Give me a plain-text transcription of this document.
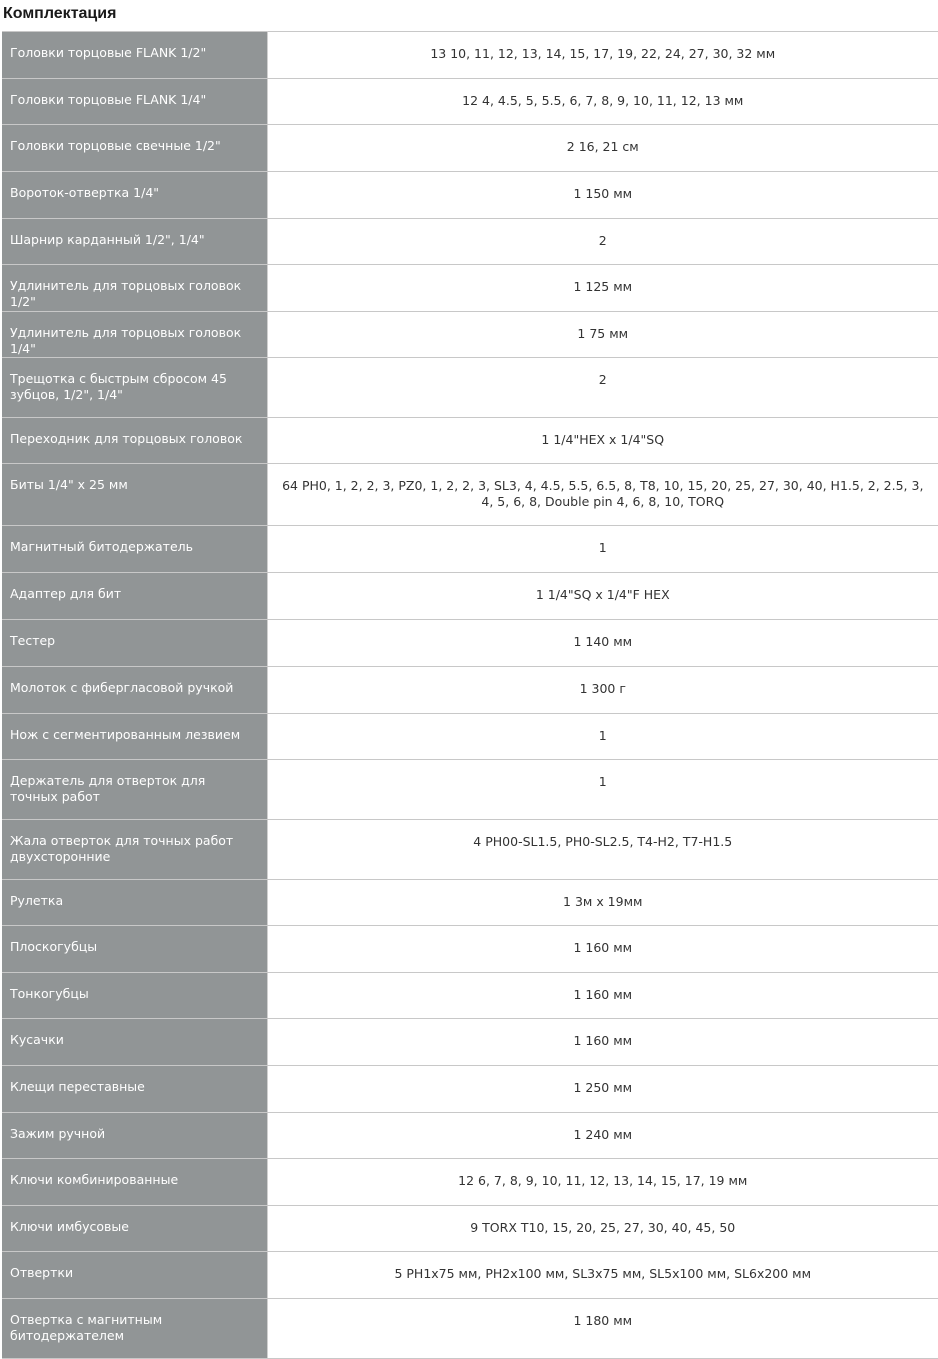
Комплектация
Головки торцовые FLANK 1/2"	13 10, 11, 12, 13, 14, 15, 17, 19, 22, 24, 27, 30, 32 мм
Головки торцовые FLANK 1/4"	12 4, 4.5, 5, 5.5, 6, 7, 8, 9, 10, 11, 12, 13 мм
Головки торцовые свечные 1/2"	2 16, 21 см
Вороток-отвертка 1/4"	1 150 мм
Шарнир карданный 1/2", 1/4"	2
Удлинитель для торцовых головок 1/2"	1 125 мм
Удлинитель для торцовых головок 1/4"	1 75 мм
Трещотка с быстрым сбросом 45 зубцов, 1/2", 1/4"	2
Переходник для торцовых головок	1 1/4"HEX x 1/4"SQ
Биты 1/4" x 25 мм	64 PH0, 1, 2, 2, 3, PZ0, 1, 2, 2, 3, SL3, 4, 4.5, 5.5, 6.5, 8, T8, 10, 15, 20, 25, 27, 30, 40, H1.5, 2, 2.5, 3, 4, 5, 6, 8, Double pin 4, 6, 8, 10, TORQ
Магнитный битодержатель	1
Адаптер для бит	1 1/4"SQ x 1/4"F HEX
Тестер	1 140 мм
Молоток с фибергласовой ручкой	1 300 г
Нож с сегментированным лезвием	1
Держатель для отверток для точных работ	1
Жала отверток для точных работ двухсторонние	4 PH00-SL1.5, PH0-SL2.5, T4-H2, T7-H1.5
Рулетка	1 3м x 19мм
Плоскогубцы	1 160 мм
Тонкогубцы	1 160 мм
Кусачки	1 160 мм
Клещи переставные	1 250 мм
Зажим ручной	1 240 мм
Ключи комбинированные	12 6, 7, 8, 9, 10, 11, 12, 13, 14, 15, 17, 19 мм
Ключи имбусовые	9 TORX T10, 15, 20, 25, 27, 30, 40, 45, 50
Отвертки	5 PH1x75 мм, PH2x100 мм, SL3x75 мм, SL5x100 мм, SL6x200 мм
Отвертка с магнитным битодержателем	1 180 мм
